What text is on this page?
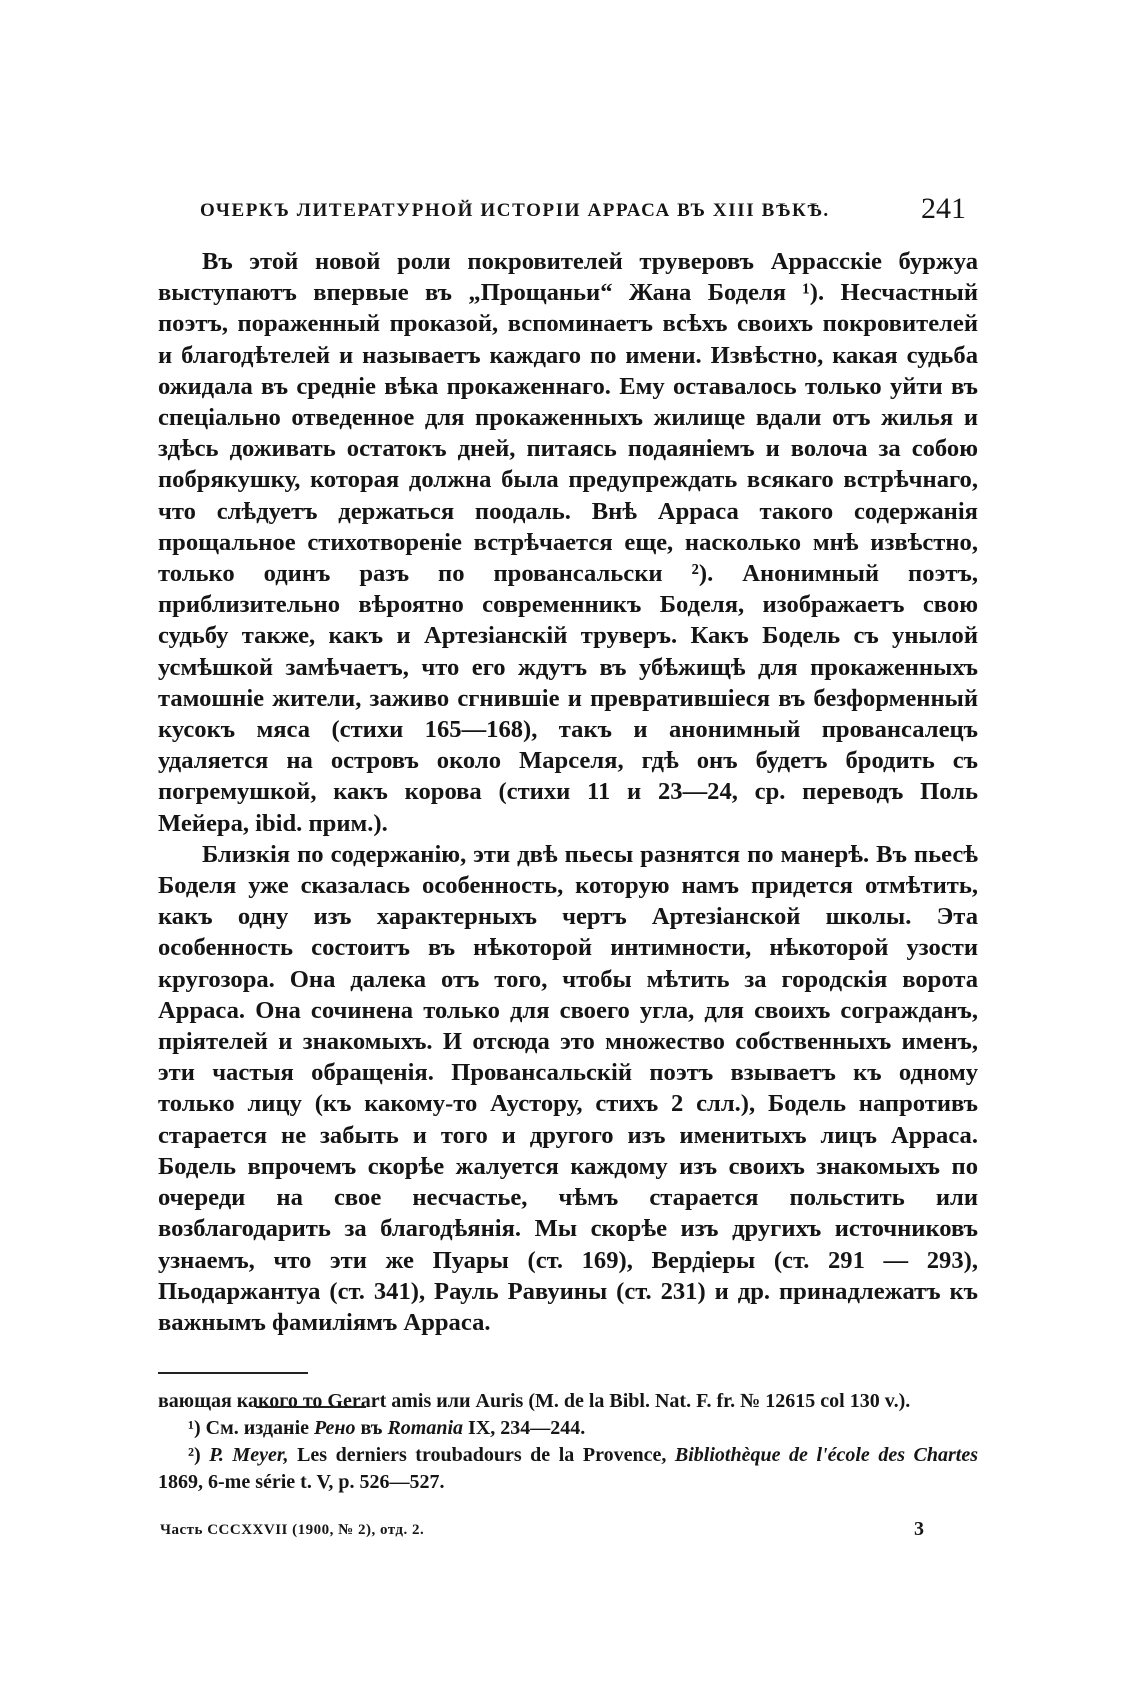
ОЧЕРКЪ ЛИТЕРАТУРНОЙ ИСТОРІИ АРРАСА ВЪ XIII ВѢКѢ.	241

Въ этой новой роли покровителей труверовъ Аррасскіе буржуа выступаютъ впервые въ „Прощаньи“ Жана Боделя ¹). Несчастный поэтъ, пораженный проказой, вспоминаетъ всѣхъ своихъ покровителей и благодѣтелей и называетъ каждаго по имени. Извѣстно, какая судьба ожидала въ средніе вѣка прокаженнаго. Ему оставалось только уйти въ спеціально отведенное для прокаженныхъ жилище вдали отъ жилья и здѣсь доживать остатокъ дней, питаясь подаяніемъ и волоча за собою побрякушку, которая должна была предупреждать всякаго встрѣчнаго, что слѣдуетъ держаться поодаль. Внѣ Арраса такого содержанія прощальное стихотвореніе встрѣчается еще, насколько мнѣ извѣстно, только одинъ разъ по провансальски ²). Анонимный поэтъ, приблизительно вѣроятно современникъ Боделя, изображаетъ свою судьбу также, какъ и Артезіанскій труверъ. Какъ Бодель съ унылой усмѣшкой замѣчаетъ, что его ждутъ въ убѣжищѣ для прокаженныхъ тамошніе жители, заживо сгнившіе и превратившіеся въ безформенный кусокъ мяса (стихи 165—168), такъ и анонимный провансалецъ удаляется на островъ около Марселя, гдѣ онъ будетъ бродить съ погремушкой, какъ корова (стихи 11 и 23—24, ср. переводъ Поль Мейера, ibid. прим.).

Близкія по содержанію, эти двѣ пьесы разнятся по манерѣ. Въ пьесѣ Боделя уже сказалась особенность, которую намъ придется отмѣтить, какъ одну изъ характерныхъ чертъ Артезіанской школы. Эта особенность состоитъ въ нѣкоторой интимности, нѣкоторой узости кругозора. Она далека отъ того, чтобы мѣтить за городскія ворота Арраса. Она сочинена только для своего угла, для своихъ согражданъ, пріятелей и знакомыхъ. И отсюда это множество собственныхъ именъ, эти частыя обращенія. Провансальскій поэтъ взываетъ къ одному только лицу (къ какому-то Аустору, стихъ 2 слл.), Бодель напротивъ старается не забыть и того и другого изъ именитыхъ лицъ Арраса. Бодель впрочемъ скорѣе жалуется каждому изъ своихъ знакомыхъ по очереди на свое несчастье, чѣмъ старается польстить или возблагодарить за благодѣянія. Мы скорѣе изъ другихъ источниковъ узнаемъ, что эти же Пуары (ст. 169), Вердіеры (ст. 291 — 293), Пьодаржантуа (ст. 341), Рауль Равуины (ст. 231) и др. принадлежатъ къ важнымъ фамиліямъ Арраса.

вающая какого то Gerart amis или Auris (M. de la Bibl. Nat. F. fr. № 12615 col 130 v.).

¹) См. изданіе Рено въ Romania IX, 234—244.

²) P. Meyer, Les derniers troubadours de la Provence, Bibliothèque de l'école des Chartes 1869, 6-me série t. V, p. 526—527.

Часть CCCXXVII (1900, № 2), отд. 2.	3
